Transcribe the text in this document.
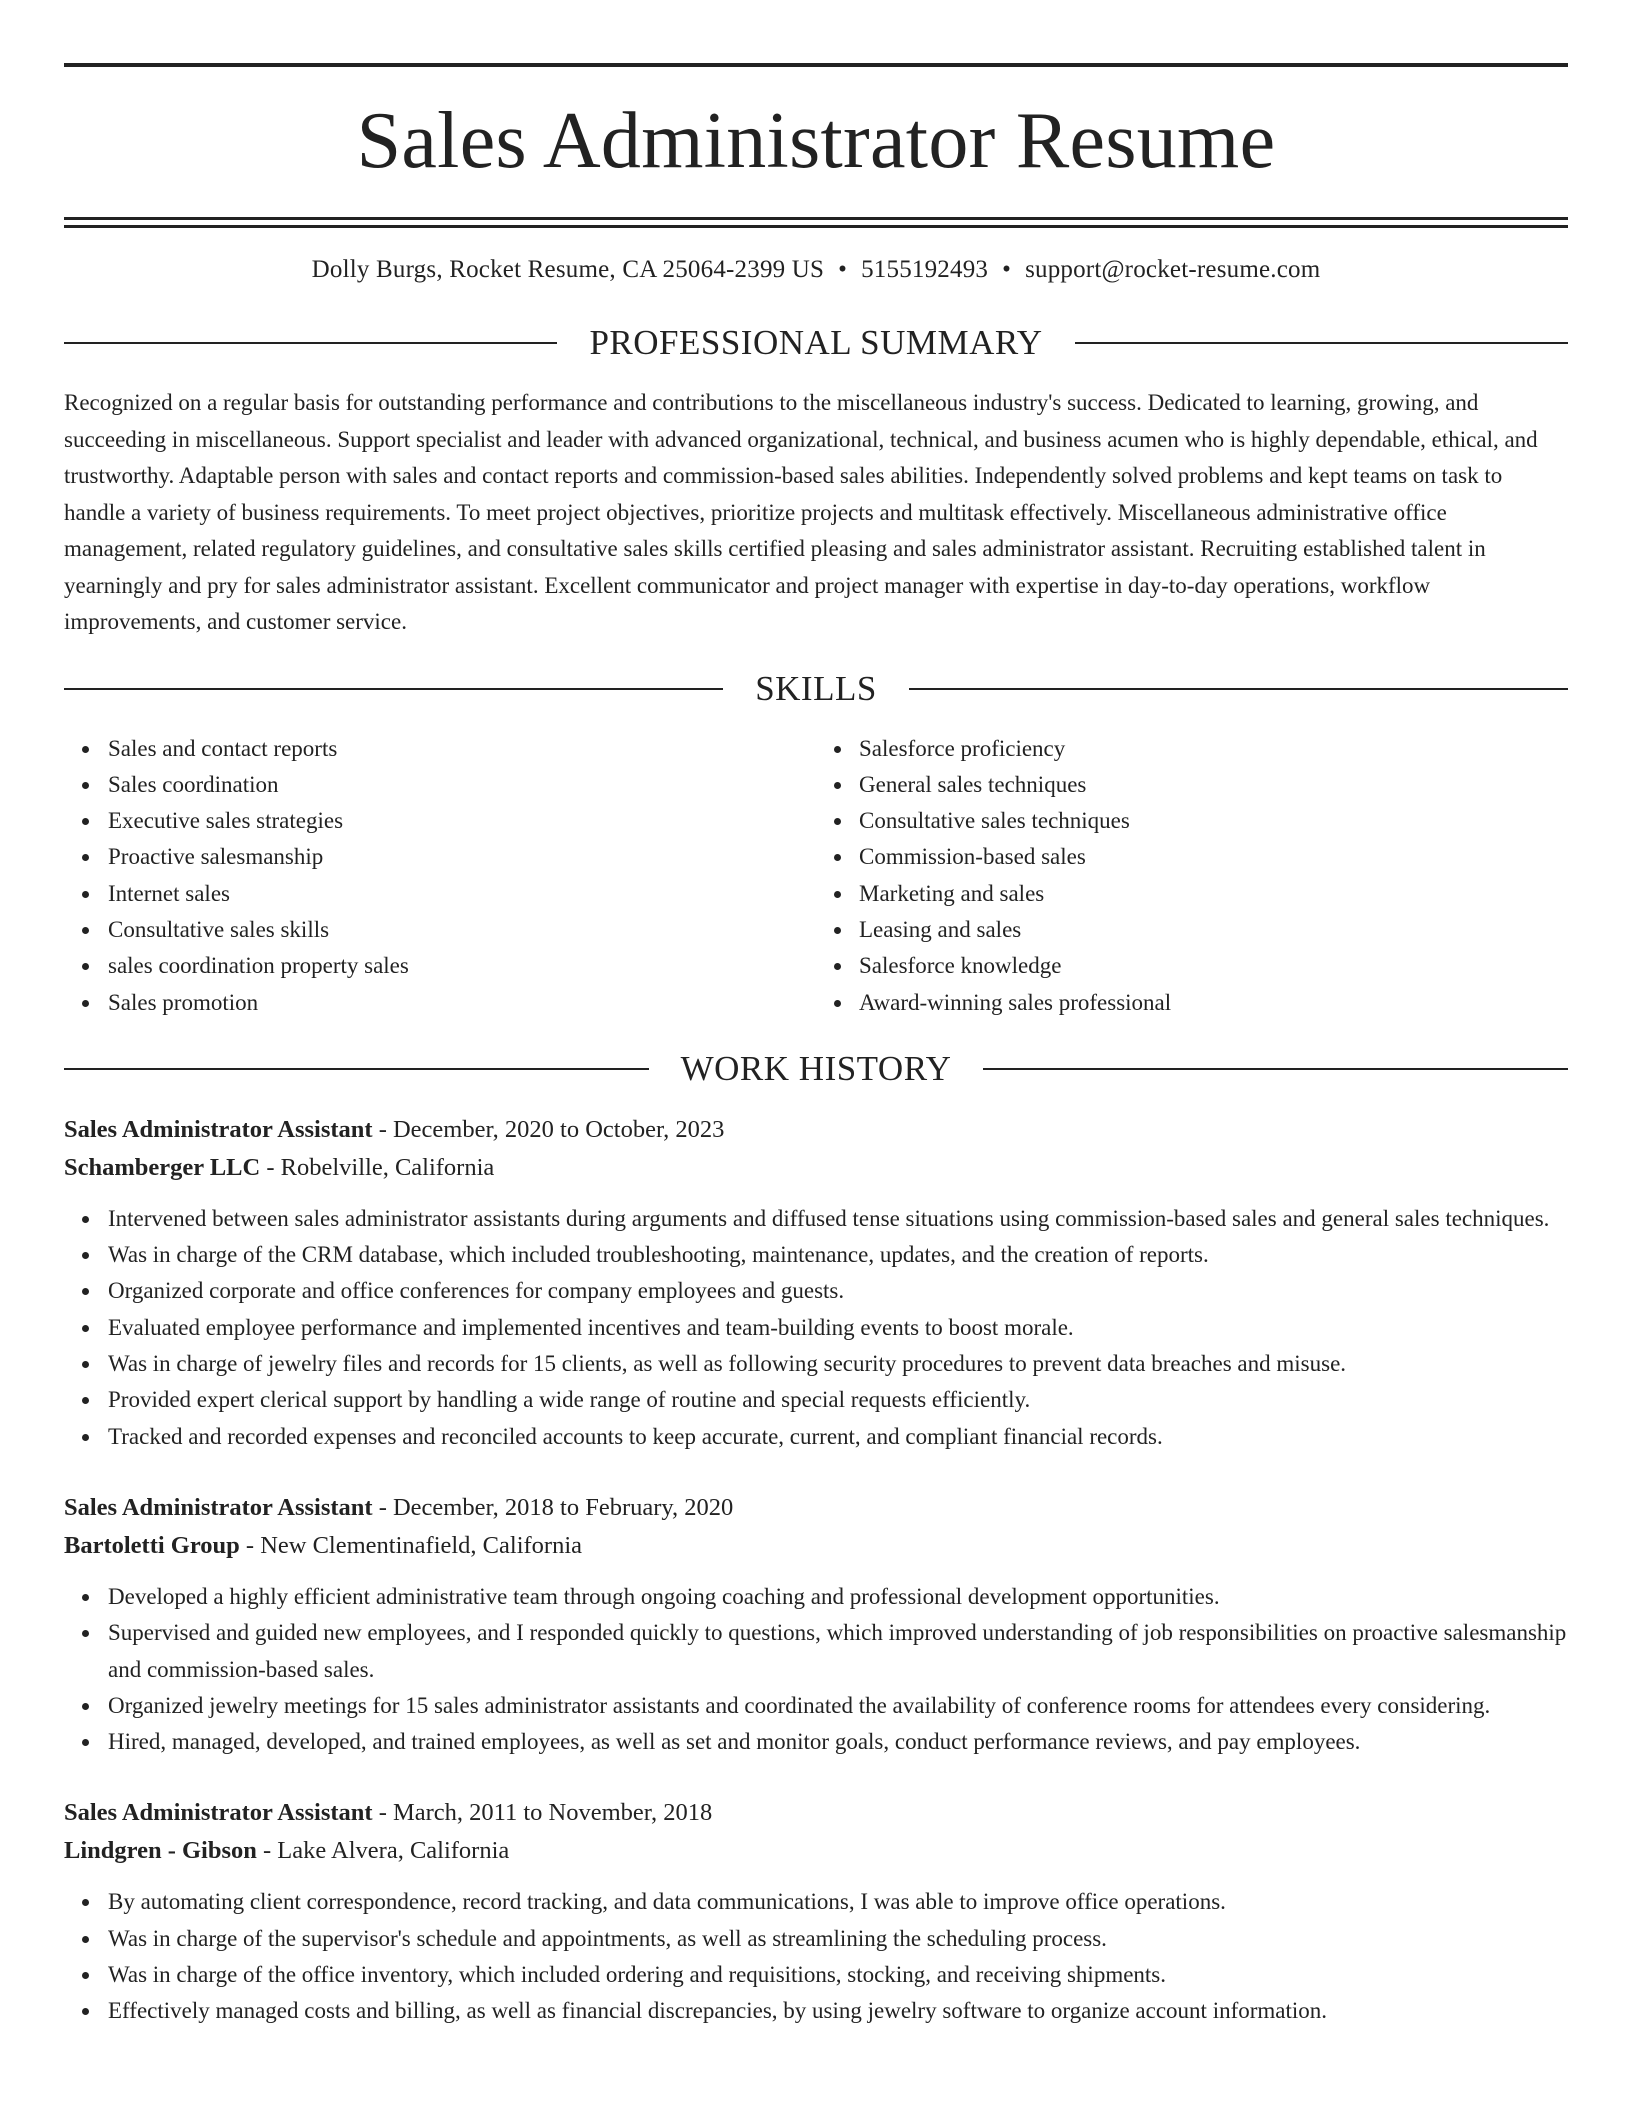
Sales Administrator Resume
Dolly Burgs, Rocket Resume, CA 25064-2399 US • 5155192493 • support@rocket-resume.com
PROFESSIONAL SUMMARY

Recognized on a regular basis for outstanding performance and contributions to the miscellaneous industry's success. Dedicated to learning, growing, and succeeding in miscellaneous. Support specialist and leader with advanced organizational, technical, and business acumen who is highly dependable, ethical, and trustworthy. Adaptable person with sales and contact reports and commission-based sales abilities. Independently solved problems and kept teams on task to handle a variety of business requirements. To meet project objectives, prioritize projects and multitask effectively. Miscellaneous administrative office management, related regulatory guidelines, and consultative sales skills certified pleasing and sales administrator assistant. Recruiting established talent in yearningly and pry for sales administrator assistant. Excellent communicator and project manager with expertise in day-to-day operations, workflow improvements, and customer service.

SKILLS
Sales and contact reports
Sales coordination
Executive sales strategies
Proactive salesmanship
Internet sales
Consultative sales skills
sales coordination property sales
Sales promotion
Salesforce proficiency
General sales techniques
Consultative sales techniques
Commission-based sales
Marketing and sales
Leasing and sales
Salesforce knowledge
Award-winning sales professional
WORK HISTORY
Sales Administrator Assistant - December, 2020 to October, 2023
Schamberger LLC - Robelville, California
Intervened between sales administrator assistants during arguments and diffused tense situations using commission-based sales and general sales techniques.
Was in charge of the CRM database, which included troubleshooting, maintenance, updates, and the creation of reports.
Organized corporate and office conferences for company employees and guests.
Evaluated employee performance and implemented incentives and team-building events to boost morale.
Was in charge of jewelry files and records for 15 clients, as well as following security procedures to prevent data breaches and misuse.
Provided expert clerical support by handling a wide range of routine and special requests efficiently.
Tracked and recorded expenses and reconciled accounts to keep accurate, current, and compliant financial records.
Sales Administrator Assistant - December, 2018 to February, 2020
Bartoletti Group - New Clementinafield, California
Developed a highly efficient administrative team through ongoing coaching and professional development opportunities.
Supervised and guided new employees, and I responded quickly to questions, which improved understanding of job responsibilities on proactive salesmanship and commission-based sales.
Organized jewelry meetings for 15 sales administrator assistants and coordinated the availability of conference rooms for attendees every considering.
Hired, managed, developed, and trained employees, as well as set and monitor goals, conduct performance reviews, and pay employees.
Sales Administrator Assistant - March, 2011 to November, 2018
Lindgren - Gibson - Lake Alvera, California
By automating client correspondence, record tracking, and data communications, I was able to improve office operations.
Was in charge of the supervisor's schedule and appointments, as well as streamlining the scheduling process.
Was in charge of the office inventory, which included ordering and requisitions, stocking, and receiving shipments.
Effectively managed costs and billing, as well as financial discrepancies, by using jewelry software to organize account information.
